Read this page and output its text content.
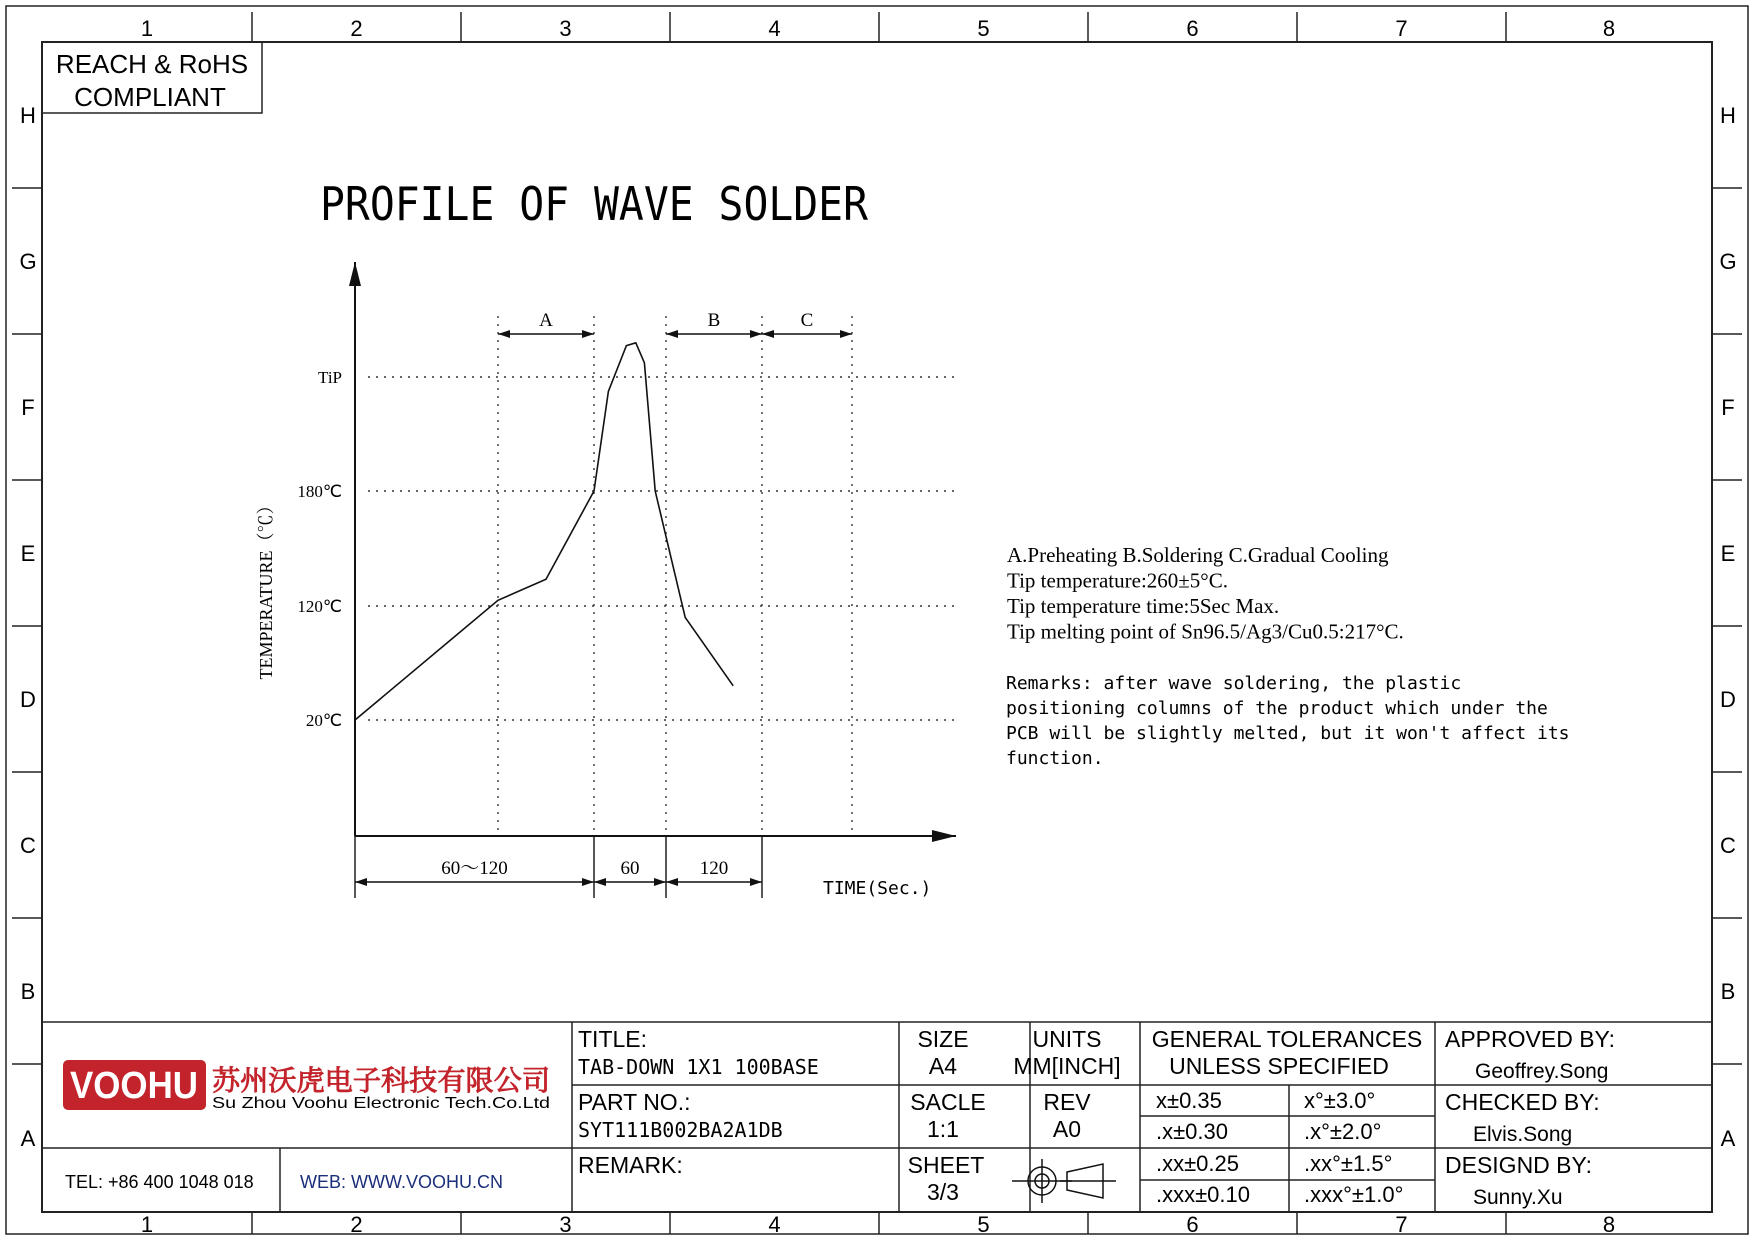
1
1
2
2
3
3
4
4
5
5
6
6
7
7
8
8
H	H
G	G
F	F
E	E
D	D
C	C
B	B
A	A
REACH & RoHS
COMPLIANT
PROFILE OF WAVE SOLDER
TEMPERATURE（℃）
TIME(Sec.)
TiP
180℃
120℃
20℃
A	B	C
60～120	60	120
A.Preheating B.Soldering C.Gradual Cooling
Tip temperature:260±5°C.
Tip temperature time:5Sec Max.
Tip melting point of Sn96.5/Ag3/Cu0.5:217°C.
Remarks: after wave soldering, the plastic
positioning columns of the product which under the
PCB will be slightly melted, but it won't affect its
function.
VOOHU 苏州沃虎电子科技有限公司
Su Zhou Voohu Electronic Tech.Co.Ltd
TEL: +86 400 1048 018	WEB: WWW.VOOHU.CN
TITLE:
TAB-DOWN 1X1 100BASE
PART NO.:
SYT111B002BA2A1DB
REMARK:
SIZE
A4
UNITS
MM[INCH]
SACLE
1:1
REV
A0
SHEET
3/3
GENERAL TOLERANCES
UNLESS SPECIFIED
x±0.35	x°±3.0°
.x±0.30	.x°±2.0°
.xx±0.25	.xx°±1.5°
.xxx±0.10 .xxx°±1.0°
APPROVED BY:
Geoffrey.Song
CHECKED BY:
Elvis.Song
DESIGND BY:
Sunny.Xu
